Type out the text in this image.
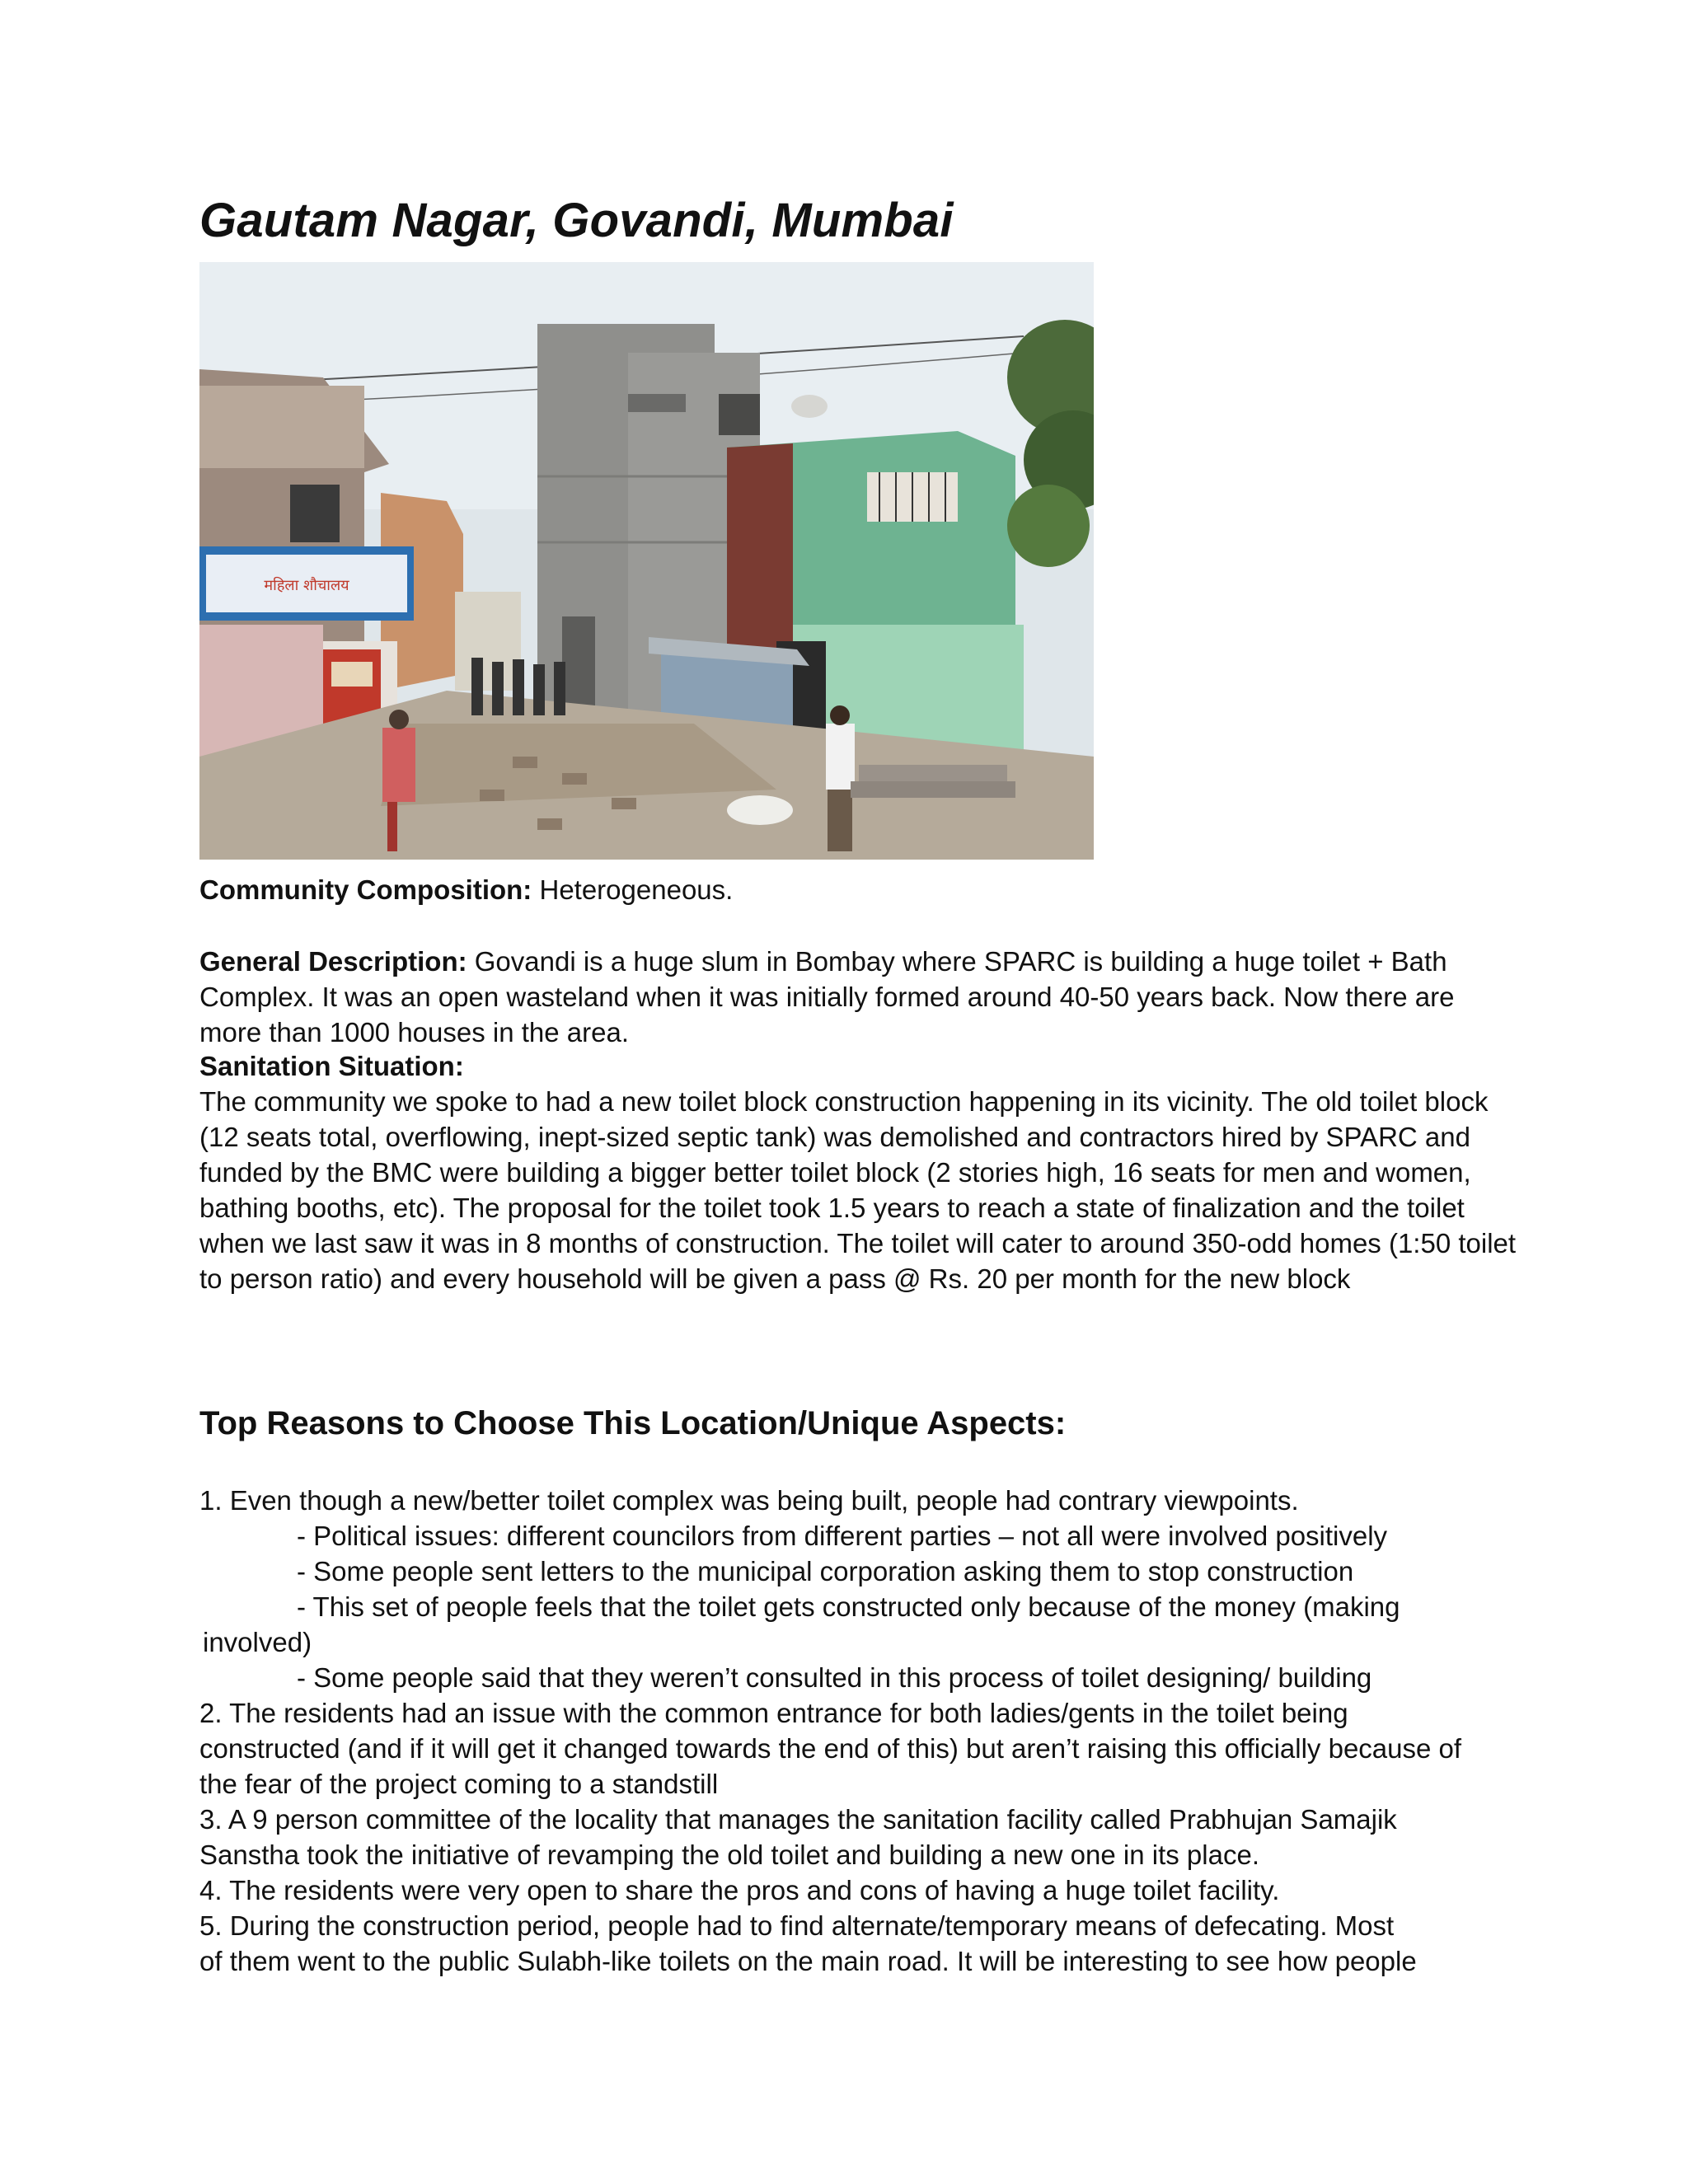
Gautam Nagar, Govandi, Mumbai
महिला शौचालय

Community Composition: Heterogeneous.

General Description: Govandi is a huge slum in Bombay where SPARC is building a huge toilet + Bath Complex. It was an open wasteland when it was initially formed around 40-50 years back. Now there are more than 1000 houses in the area.

Sanitation Situation:

The community we spoke to had a new toilet block construction happening in its vicinity. The old toilet block (12 seats total, overflowing, inept-sized septic tank) was demolished and contractors hired by SPARC and funded by the BMC were building a bigger better toilet block (2 stories high, 16 seats for men and women, bathing booths, etc). The proposal for the toilet took 1.5 years to reach a state of finalization and the toilet when we last saw it was in 8 months of construction. The toilet will cater to around 350-odd homes (1:50 toilet to person ratio) and every household will be given a pass @ Rs. 20 per month for the new block

Top Reasons to Choose This Location/Unique Aspects:
1. Even though a new/better toilet complex was being built, people had contrary viewpoints.
- Political issues: different councilors from different parties – not all were involved positively
- Some people sent letters to the municipal corporation asking them to stop construction
- This set of people feels that the toilet gets constructed only because of the money (making
involved)
- Some people said that they weren’t consulted in this process of toilet designing/ building
2. The residents had an issue with the common entrance for both ladies/gents in the toilet being
constructed (and if it will get it changed towards the end of this) but aren’t raising this officially because of
the fear of the project coming to a standstill
3. A 9 person committee of the locality that manages the sanitation facility called Prabhujan Samajik
Sanstha took the initiative of revamping the old toilet and building a new one in its place.
4. The residents were very open to share the pros and cons of having a huge toilet facility.
5. During the construction period, people had to find alternate/temporary means of defecating. Most
of them went to the public Sulabh-like toilets on the main road. It will be interesting to see how people
